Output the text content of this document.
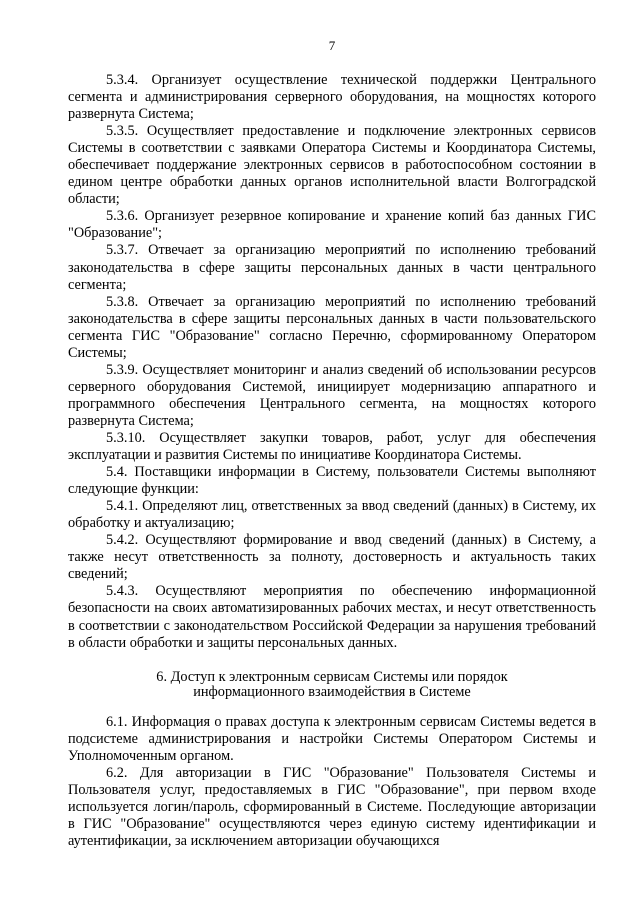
7

5.3.4. Организует осуществление технической поддержки Центрального сегмента и администрирования серверного оборудования, на мощностях которого развернута Система;

5.3.5. Осуществляет предоставление и подключение электронных сервисов Системы в соответствии с заявками Оператора Системы и Координатора Системы, обеспечивает поддержание электронных сервисов в работоспособном состоянии в едином центре обработки данных органов исполнительной власти Волгоградской области;

5.3.6. Организует резервное копирование и хранение копий баз данных ГИС "Образование";

5.3.7. Отвечает за организацию мероприятий по исполнению требований законодательства в сфере защиты персональных данных в части центрального сегмента;

5.3.8. Отвечает за организацию мероприятий по исполнению требований законодательства в сфере защиты персональных данных в части пользовательского сегмента ГИС "Образование" согласно Перечню, сформированному Оператором Системы;

5.3.9. Осуществляет мониторинг и анализ сведений об использовании ресурсов серверного оборудования Системой, инициирует модернизацию аппаратного и программного обеспечения Центрального сегмента, на мощностях которого развернута Система;

5.3.10. Осуществляет закупки товаров, работ, услуг для обеспечения эксплуатации и развития Системы по инициативе Координатора Системы.

5.4. Поставщики информации в Систему, пользователи Системы выполняют следующие функции:

5.4.1. Определяют лиц, ответственных за ввод сведений (данных) в Систему, их обработку и актуализацию;

5.4.2. Осуществляют формирование и ввод сведений (данных) в Систему, а также несут ответственность за полноту, достоверность и актуальность таких сведений;

5.4.3. Осуществляют мероприятия по обеспечению информационной безопасности на своих автоматизированных рабочих местах, и несут ответственность в соответствии с законодательством Российской Федерации за нарушения требований в области обработки и защиты персональных данных.

6. Доступ к электронным сервисам Системы или порядок
информационного взаимодействия в Системе

6.1. Информация о правах доступа к электронным сервисам Системы ведется в подсистеме администрирования и настройки Системы Оператором Системы и Уполномоченным органом.

6.2. Для авторизации в ГИС "Образование" Пользователя Системы и Пользователя услуг, предоставляемых в ГИС "Образование", при первом входе используется логин/пароль, сформированный в Системе. Последующие авторизации в ГИС "Образование" осуществляются через единую систему идентификации и аутентификации, за исключением авторизации обучающихся
